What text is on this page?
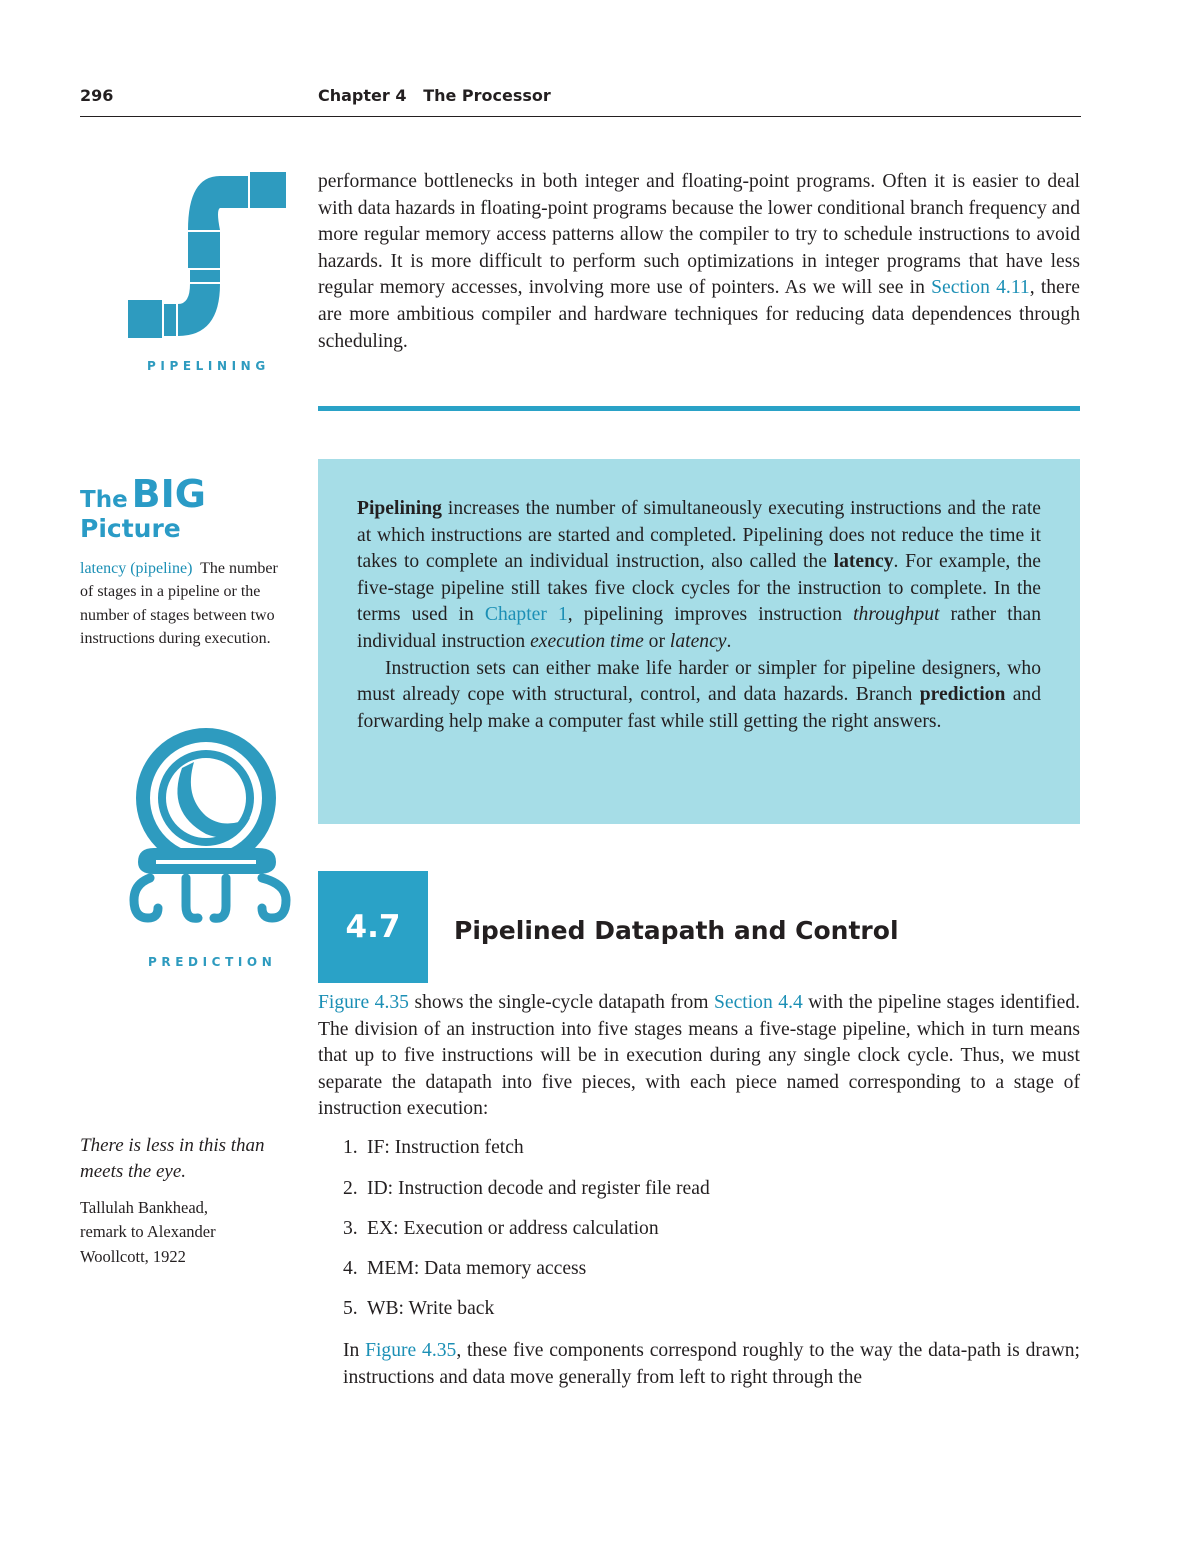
296	Chapter 4 The Processor
PIPELINING

performance bottlenecks in both integer and floating-point programs. Often it is easier to deal with data hazards in floating-point programs because the lower conditional branch frequency and more regular memory access patterns allow the compiler to try to schedule instructions to avoid hazards. It is more difficult to perform such optimizations in integer programs that have less regular memory accesses, involving more use of pointers. As we will see in Section 4.11, there are more ambitious compiler and hardware techniques for reducing data dependences through scheduling.

The BIG
Picture
latency (pipeline) The number of stages in a pipeline or the number of stages between two instructions during execution.
PREDICTION

Pipelining increases the number of simultaneously executing instructions and the rate at which instructions are started and completed. Pipelining does not reduce the time it takes to complete an individual instruction, also called the latency. For example, the five-stage pipeline still takes five clock cycles for the instruction to complete. In the terms used in Chapter 1, pipelining improves instruction throughput rather than individual instruction execution time or latency.

Instruction sets can either make life harder or simpler for pipeline designers, who must already cope with structural, control, and data hazards. Branch prediction and forwarding help make a computer fast while still getting the right answers.

4.7	Pipelined Datapath and Control

Figure 4.35 shows the single-cycle datapath from Section 4.4 with the pipeline stages identified. The division of an instruction into five stages means a five-stage pipeline, which in turn means that up to five instructions will be in execution during any single clock cycle. Thus, we must separate the datapath into five pieces, with each piece named corresponding to a stage of instruction execution:

1. IF: Instruction fetch
2. ID: Instruction decode and register file read
3. EX: Execution or address calculation
4. MEM: Data memory access
5. WB: Write back

In Figure 4.35, these five components correspond roughly to the way the data-path is drawn; instructions and data move generally from left to right through the

There is less in this than meets the eye.
Tallulah Bankhead, remark to Alexander Woollcott, 1922
